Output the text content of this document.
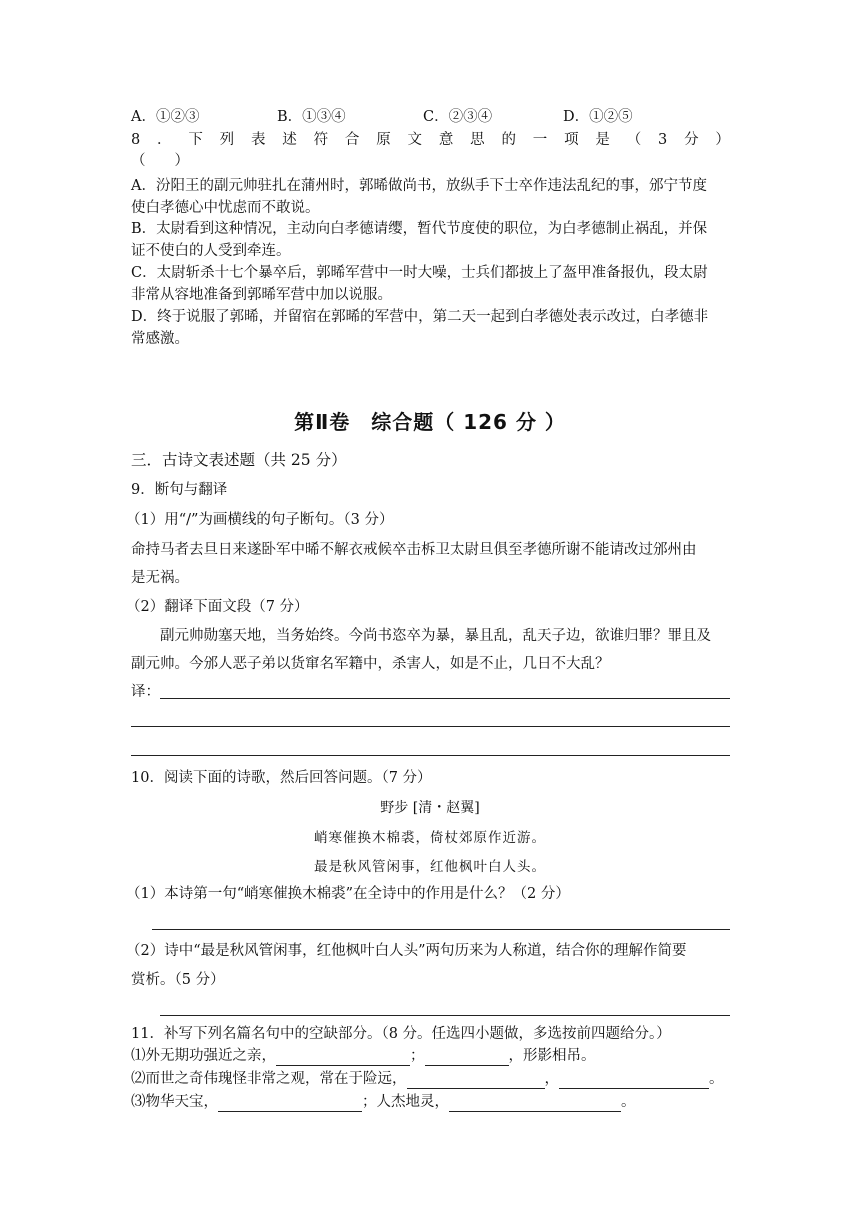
A．①②③	B．①③④	C．②③④	D．①②⑤
8 ． 下 列 表 述 符 合 原 文 意 思 的 一 项 是 （ 3 分 ）
（　　）
A．汾阳王的副元帅驻扎在蒲州时，郭晞做尚书，放纵手下士卒作违法乱纪的事，邠宁节度
使白孝德心中忧虑而不敢说。
B．太尉看到这种情况，主动向白孝德请缨，暂代节度使的职位，为白孝德制止祸乱，并保
证不使白的人受到牵连。
C．太尉斩杀十七个暴卒后，郭晞军营中一时大噪，士兵们都披上了盔甲准备报仇，段太尉
非常从容地准备到郭晞军营中加以说服。
D．终于说服了郭晞，并留宿在郭晞的军营中，第二天一起到白孝德处表示改过，白孝德非
常感激。
第Ⅱ卷　综合题（ 126 分 ）
三．古诗文表述题（共 25 分）
9．断句与翻译
（1）用“/”为画横线的句子断句。（3 分）
命持马者去旦日来遂卧军中晞不解衣戒候卒击柝卫太尉旦俱至孝德所谢不能请改过邠州由
是无祸。
（2）翻译下面文段（7 分）
副元帅勋塞天地，当务始终。今尚书恣卒为暴，暴且乱，乱天子边，欲谁归罪？罪且及
副元帅。今邠人恶子弟以货窜名军籍中，杀害人，如是不止，几日不大乱？
译：
10．阅读下面的诗歌，然后回答问题。（7 分）
野步 [清・赵翼]
峭寒催换木棉裘，倚杖郊原作近游。
最是秋风管闲事，红他枫叶白人头。
（1）本诗第一句“峭寒催换木棉裘”在全诗中的作用是什么？（2 分）
（2）诗中“最是秋风管闲事，红他枫叶白人头”两句历来为人称道，结合你的理解作简要
赏析。（5 分）
11．补写下列名篇名句中的空缺部分。（8 分。任选四小题做，多选按前四题给分。）
⑴外无期功强近之亲，	；	，形影相吊。
⑵而世之奇伟瑰怪非常之观，常在于险远，	，	。
⑶物华天宝，	；人杰地灵，	。
